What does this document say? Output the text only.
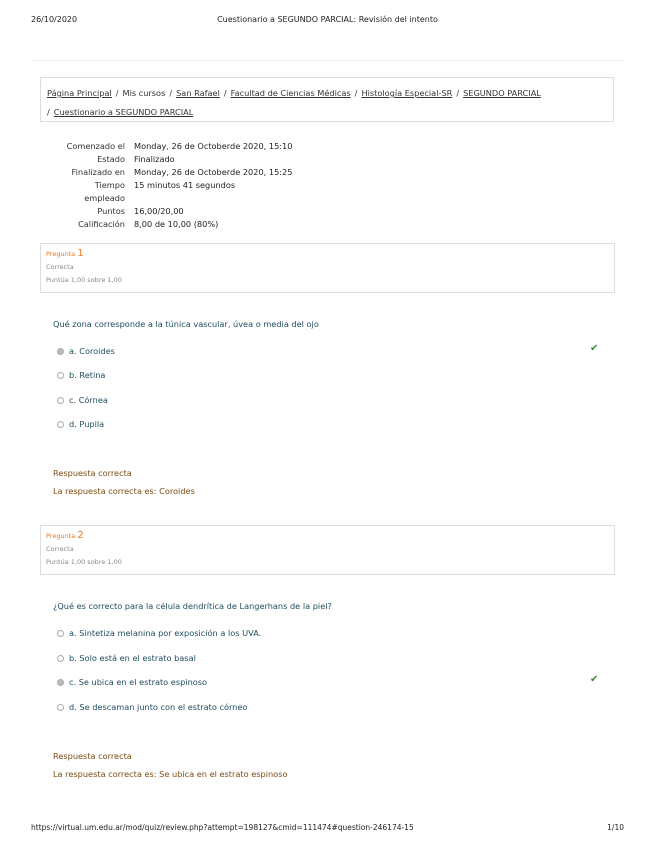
26/10/2020	Cuestionario a SEGUNDO PARCIAL: Revisión del intento
Página Principal / Mis cursos / San Rafael / Facultad de Ciencias Médicas / Histología Especial-SR / SEGUNDO PARCIAL
/ Cuestionario a SEGUNDO PARCIAL
Comenzado el	Monday, 26 de Octoberde 2020, 15:10
Estado	Finalizado
Finalizado en	Monday, 26 de Octoberde 2020, 15:25
Tiempo empleado	15 minutos 41 segundos
Puntos	16,00/20,00
Calificación	8,00 de 10,00 (80%)
Pregunta 1
Correcta
Puntúa 1,00 sobre 1,00
Qué zona corresponde a la túnica vascular, úvea o media del ojo
a. Coroides	✔
b. Retina
c. Córnea
d. Pupila
Respuesta correcta
La respuesta correcta es: Coroides
Pregunta 2
Correcta
Puntúa 1,00 sobre 1,00
¿Qué es correcto para la célula dendrítica de Langerhans de la piel?
a. Sintetiza melanina por exposición a los UVA.
b. Solo está en el estrato basal
c. Se ubica en el estrato espinoso	✔
d. Se descaman junto con el estrato córneo
Respuesta correcta
La respuesta correcta es: Se ubica en el estrato espinoso
https://virtual.um.edu.ar/mod/quiz/review.php?attempt=198127&cmid=111474#question-246174-15	1/10
